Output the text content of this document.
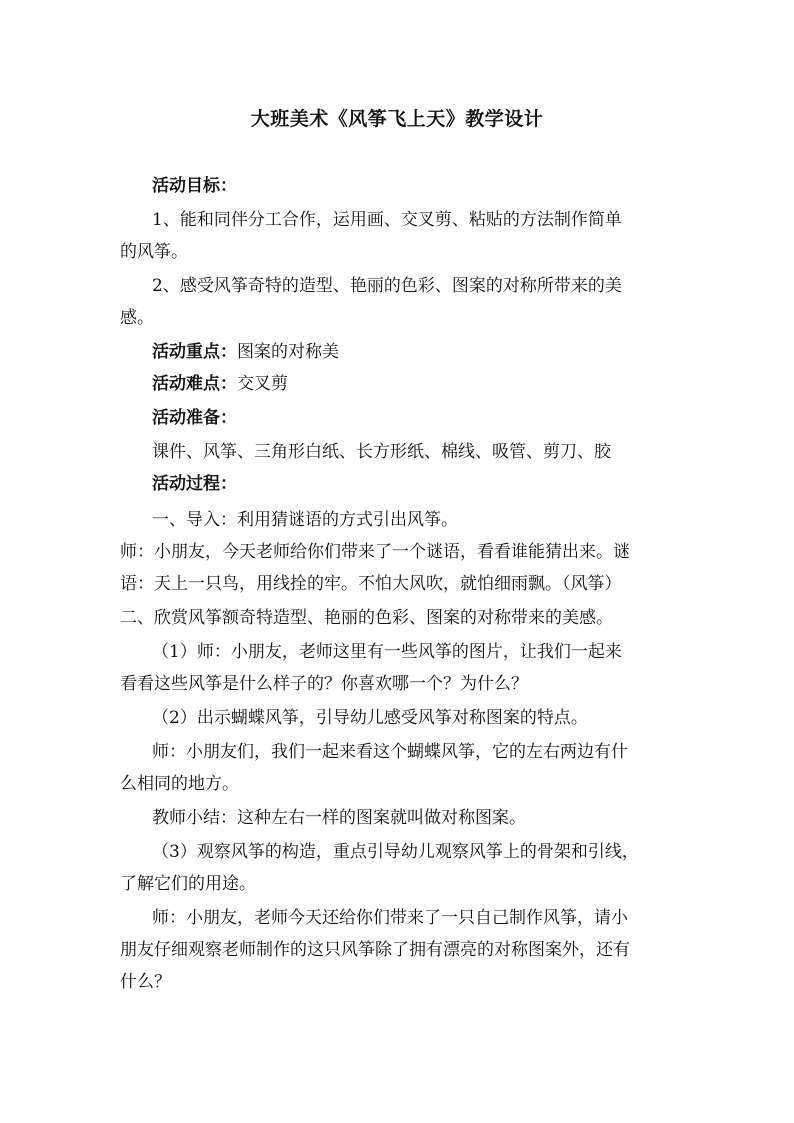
大班美术《风筝飞上天》教学设计
活动目标：
1、能和同伴分工合作，运用画、交叉剪、粘贴的方法制作简单
的风筝。
2、感受风筝奇特的造型、艳丽的色彩、图案的对称所带来的美
感。
活动重点：图案的对称美
活动难点：交叉剪
活动准备：
课件、风筝、三角形白纸、长方形纸、棉线、吸管、剪刀、胶
活动过程：
一、导入：利用猜谜语的方式引出风筝。
师：小朋友，今天老师给你们带来了一个谜语，看看谁能猜出来。谜
语：天上一只鸟，用线拴的牢。不怕大风吹，就怕细雨飘。（风筝）
二、欣赏风筝额奇特造型、艳丽的色彩、图案的对称带来的美感。
（1）师：小朋友，老师这里有一些风筝的图片，让我们一起来
看看这些风筝是什么样子的？你喜欢哪一个？为什么？
（2）出示蝴蝶风筝，引导幼儿感受风筝对称图案的特点。
师：小朋友们，我们一起来看这个蝴蝶风筝，它的左右两边有什
么相同的地方。
教师小结：这种左右一样的图案就叫做对称图案。
（3）观察风筝的构造，重点引导幼儿观察风筝上的骨架和引线，
了解它们的用途。
师：小朋友，老师今天还给你们带来了一只自己制作风筝，请小
朋友仔细观察老师制作的这只风筝除了拥有漂亮的对称图案外，还有
什么？
